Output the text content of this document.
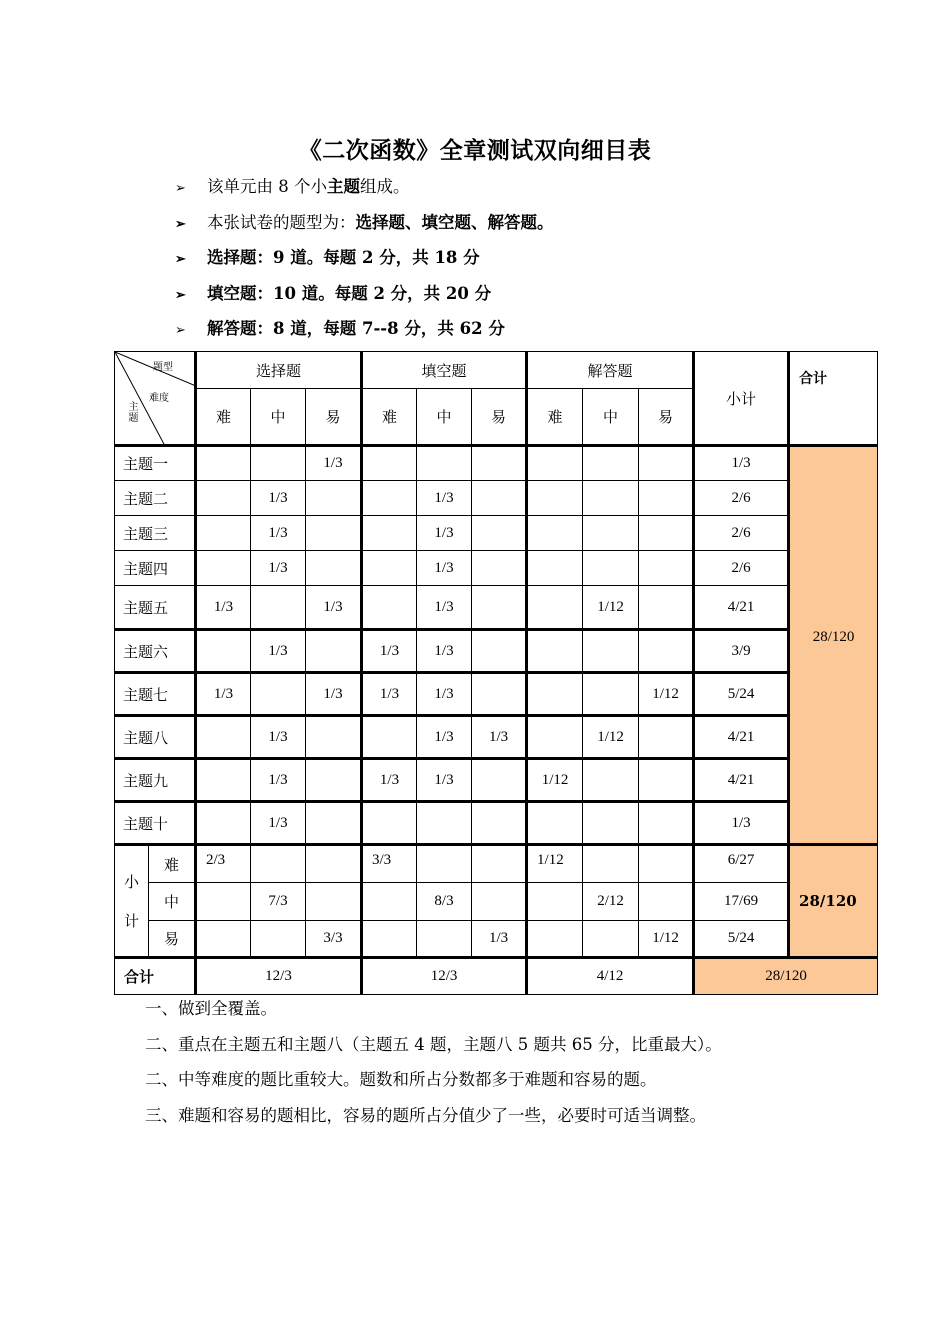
《二次函数》全章测试双向细目表
➢ 该单元由 8 个小主题组成。
➢ 本张试卷的题型为：选择题、填空题、解答题。
➢ 选择题：9 道。每题 2 分，共 18 分
➢ 填空题：10 道。每题 2 分，共 20 分
➢ 解答题：8 道，每题 7--8 分，共 62 分
题型
难度
主题		选择题			填空题			解答题			小计	合计
		难	中	易	难	中	易	难	中	易		
主题一				1/3							1/3	28/120
主题二			1/3			1/3					2/6	
主题三			1/3			1/3					2/6	
主题四			1/3			1/3					2/6	
主题五		1/3		1/3		1/3			1/12		4/21	
主题六			1/3		1/3	1/3					3/9	
主题七		1/3		1/3	1/3	1/3				1/12	5/24	
主题八			1/3			1/3	1/3		1/12		4/21	
主题九			1/3		1/3	1/3		1/12			4/21	
主题十			1/3								1/3	

小
计	难	2/3			3/3			1/12			6/27	28/120
	中		7/3			8/3			2/12		17/69	
	易			3/3			1/3			1/12	5/24	
合计		12/3			12/3			4/12			28/120	
一、做到全覆盖。
二、重点在主题五和主题八（主题五 4 题，主题八 5 题共 65 分，比重最大）。
二、中等难度的题比重较大。题数和所占分数都多于难题和容易的题。
三、难题和容易的题相比，容易的题所占分值少了一些，必要时可适当调整。
